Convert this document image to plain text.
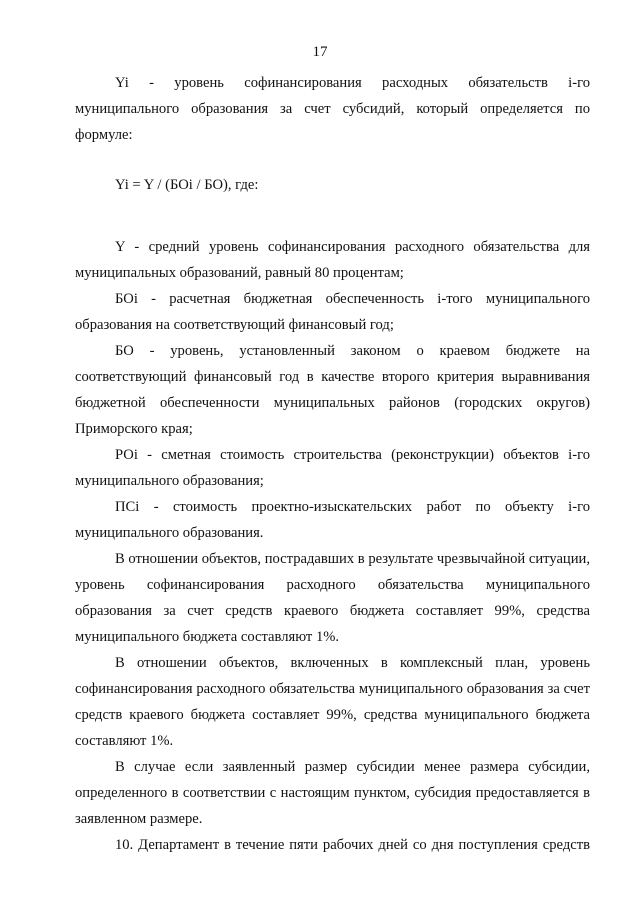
17

Yi - уровень софинансирования расходных обязательств i-го муниципального образования за счет субсидий, который определяется по формуле:

Yi = Y / (БОi / БО), где:

Y - средний уровень софинансирования расходного обязательства для муниципальных образований, равный 80 процентам;

БОi - расчетная бюджетная обеспеченность i-того муниципального образования на соответствующий финансовый год;

БО - уровень, установленный законом о краевом бюджете на соответствующий финансовый год в качестве второго критерия выравнивания бюджетной обеспеченности муниципальных районов (городских округов) Приморского края;

РОi - сметная стоимость строительства (реконструкции) объектов i-го муниципального образования;

ПСi - стоимость проектно-изыскательских работ по объекту i-го муниципального образования.

В отношении объектов, пострадавших в результате чрезвычайной ситуации, уровень софинансирования расходного обязательства муниципального образования за счет средств краевого бюджета составляет 99%, средства муниципального бюджета составляют 1%.

В отношении объектов, включенных в комплексный план, уровень софинансирования расходного обязательства муниципального образования за счет средств краевого бюджета составляет 99%, средства муниципального бюджета составляют 1%.

В случае если заявленный размер субсидии менее размера субсидии, определенного в соответствии с настоящим пунктом, субсидия предоставляется в заявленном размере.

10. Департамент в течение пяти рабочих дней со дня поступления средств
